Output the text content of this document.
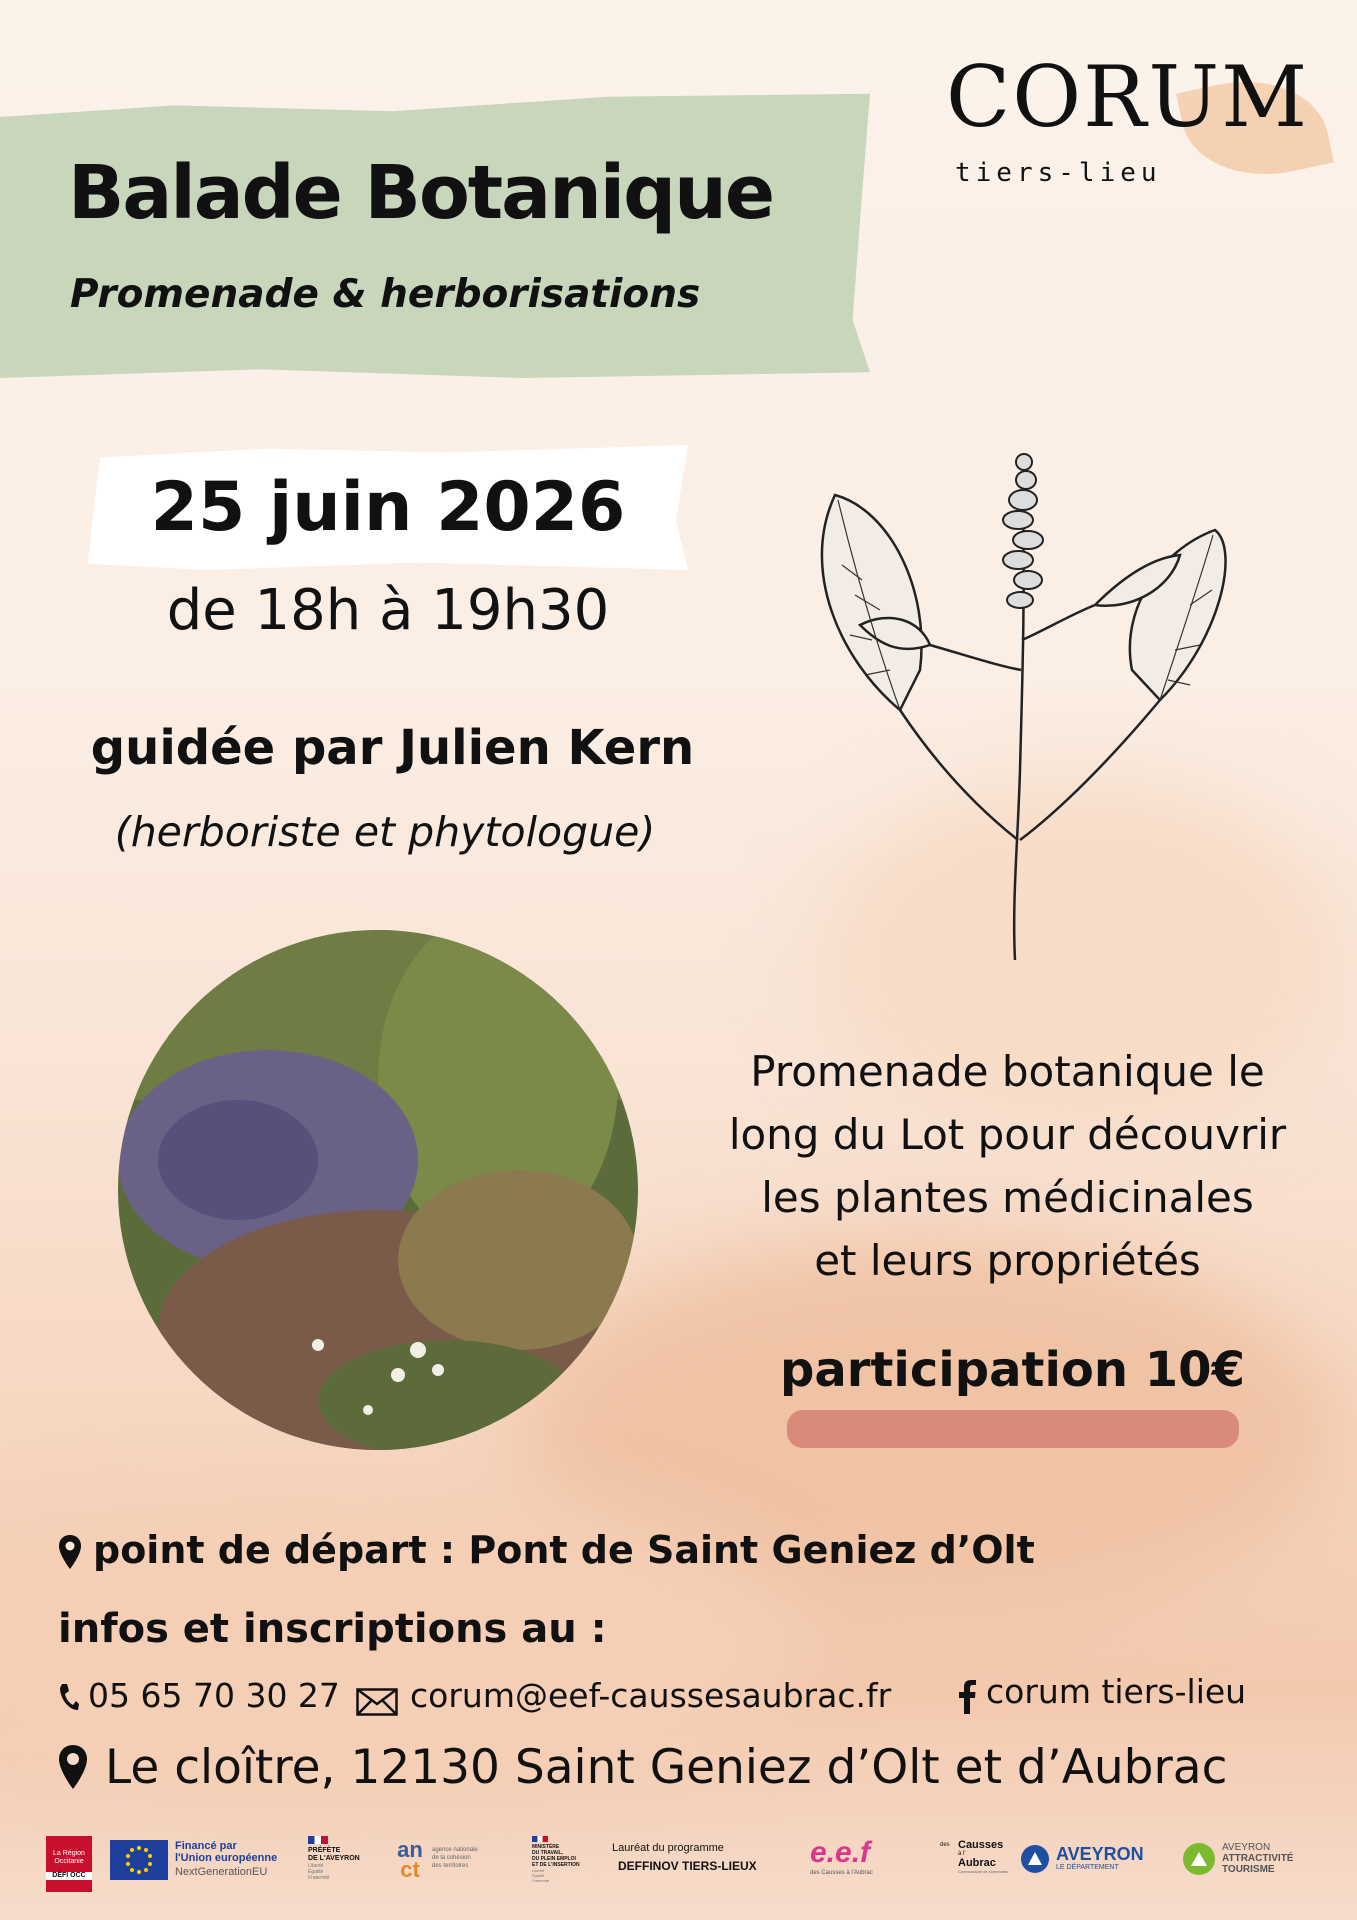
Balade Botanique
Promenade & herborisations
CORUM
tiers-lieu
25 juin 2026
de 18h à 19h30
guidée par Julien Kern
(herboriste et phytologue)
Promenade botanique le
long du Lot pour découvrir
les plantes médicinales
et leurs propriétés
participation 10€
point de départ : Pont de Saint Geniez d’Olt
infos et inscriptions au :
05 65 70 30 27 corum@eef-caussesaubrac.fr	corum tiers-lieu
Le cloître, 12130 Saint Geniez d’Olt et d’Aubrac
La Région
Occitanie
DÉFI OCC
Financé par
l'Union européenne
NextGenerationEU
PRÉFÈTE
DE L'AVEYRON
Liberté
Égalité
Fraternité
an
ct
agence nationale
de la cohésion
des territoires
MINISTÈRE
DU TRAVAIL,
DU PLEIN EMPLOI
ET DE L'INSERTION
Liberté
Égalité
Fraternité
Lauréat du programme
DEFFINOV TIERS-LIEUX	e.e.f
des Causses à l'Aubrac
des Causses
à l'
Aubrac
Communauté de communes
AVEYRON
LE DÉPARTEMENT
AVEYRON
ATTRACTIVITÉ
TOURISME
